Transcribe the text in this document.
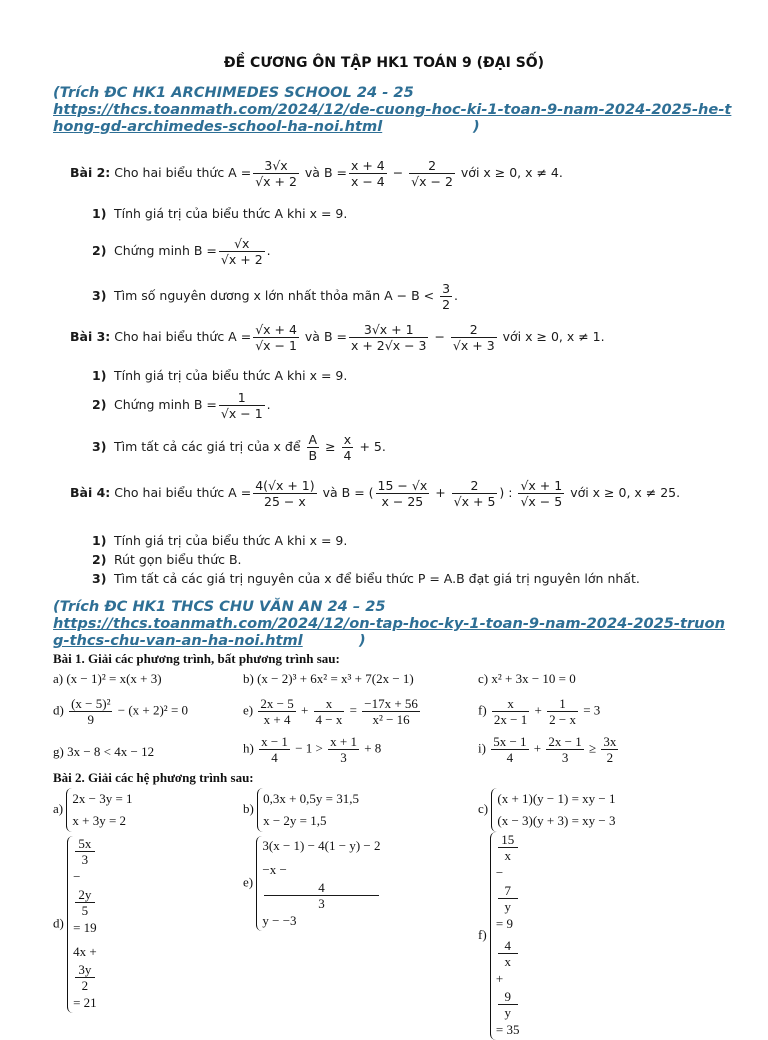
ĐỀ CƯƠNG ÔN TẬP HK1 TOÁN 9 (ĐẠI SỐ)
(Trích ĐC HK1 ARCHIMEDES SCHOOL 24 - 25
https://thcs.toanmath.com/2024/12/de-cuong-hoc-ki-1-toan-9-nam-2024-2025-he-thong-gd-archimedes-school-ha-noi.html	)
Bài 2: Cho hai biểu thức $A = \frac{3√x}{√x + 2}$ và $B = \frac{x + 4}{x - 4} - \frac{2}{√x - 2}$ với x ≥ 0, x ≠ 4.
1) Tính giá trị của biểu thức A khi x = 9.
2) Chứng minh $B = \frac{√x}{√x + 2}$ .
3) Tìm số nguyên dương x lớn nhất thỏa mãn $A - B < \frac{3}{2}$ .
Bài 3: Cho hai biểu thức $A = \frac{√x + 4}{√x - 1}$ và $B = \frac{3√x + 1}{x + 2√x - 3} - \frac{2}{√x + 3}$ với x ≥ 0, x ≠ 1.
1) Tính giá trị của biểu thức A khi x = 9.
2) Chứng minh $B = \frac{1}{√x - 1}$ .
3) Tìm tất cả các giá trị của x để $\frac{A}{B} \ge \frac{x}{4} + 5$.
Bài 4: Cho hai biểu thức $A = \frac{4(√x + 1)}{25 - x}$ và B = ( $\frac{15 - √x}{x - 25} + \frac{2}{√x + 5}$ ) : $\frac{√x + 1}{√x - 5}$ với x ≥ 0, x ≠ 25.
1) Tính giá trị của biểu thức A khi x = 9.
2) Rút gọn biểu thức B.
3) Tìm tất cả các giá trị nguyên của x để biểu thức P = A.B đạt giá trị nguyên lớn nhất.
(Trích ĐC HK1 THCS CHU VĂN AN 24 – 25
https://thcs.toanmath.com/2024/12/on-tap-hoc-ky-1-toan-9-nam-2024-2025-truong-thcs-chu-van-an-ha-noi.html	)
Bài 1. Giải các phương trình, bất phương trình sau:
a) (x − 1)² = x(x + 3)	b) (x − 2)³ + 6x² = x³ + 7(2x − 1)	c) x² + 3x − 10 = 0
$d) \frac{\text{(x − 5)²}}{9} - (x + 2)^2 = 0$	$e) \frac{2x - 5}{x + 4} + \frac{x}{4 - x} = \frac{-17x + 56}{\text{x² − 16}}$	$f) \frac{x}{2x - 1} + \frac{1}{2 - x} = 3$
g) 3x − 8 < 4x − 12	$h) \frac{x - 1}{4} - 1 > \frac{x + 1}{3} + 8$	$i) \frac{5x - 1}{4} + \frac{2x - 1}{3} \ge \frac{3x}{2}$
Bài 2. Giải các hệ phương trình sau:
a)
2x − 3y = 1
x + 3y = 2
b)
0,3x + 0,5y = 31,5
x − 2y = 1,5
c)
(x + 1)(y − 1) = xy − 1
(x − 3)(y + 3) = xy − 3
d)
5x
3
−
2y
5
= 19
4x +
3y
2
= 21
e)
3(x − 1) − 4(1 − y) − 2
−x −
4
3
y − −3
f)
15
x
−
7
y
= 9
4
x
+
9
y
= 35
